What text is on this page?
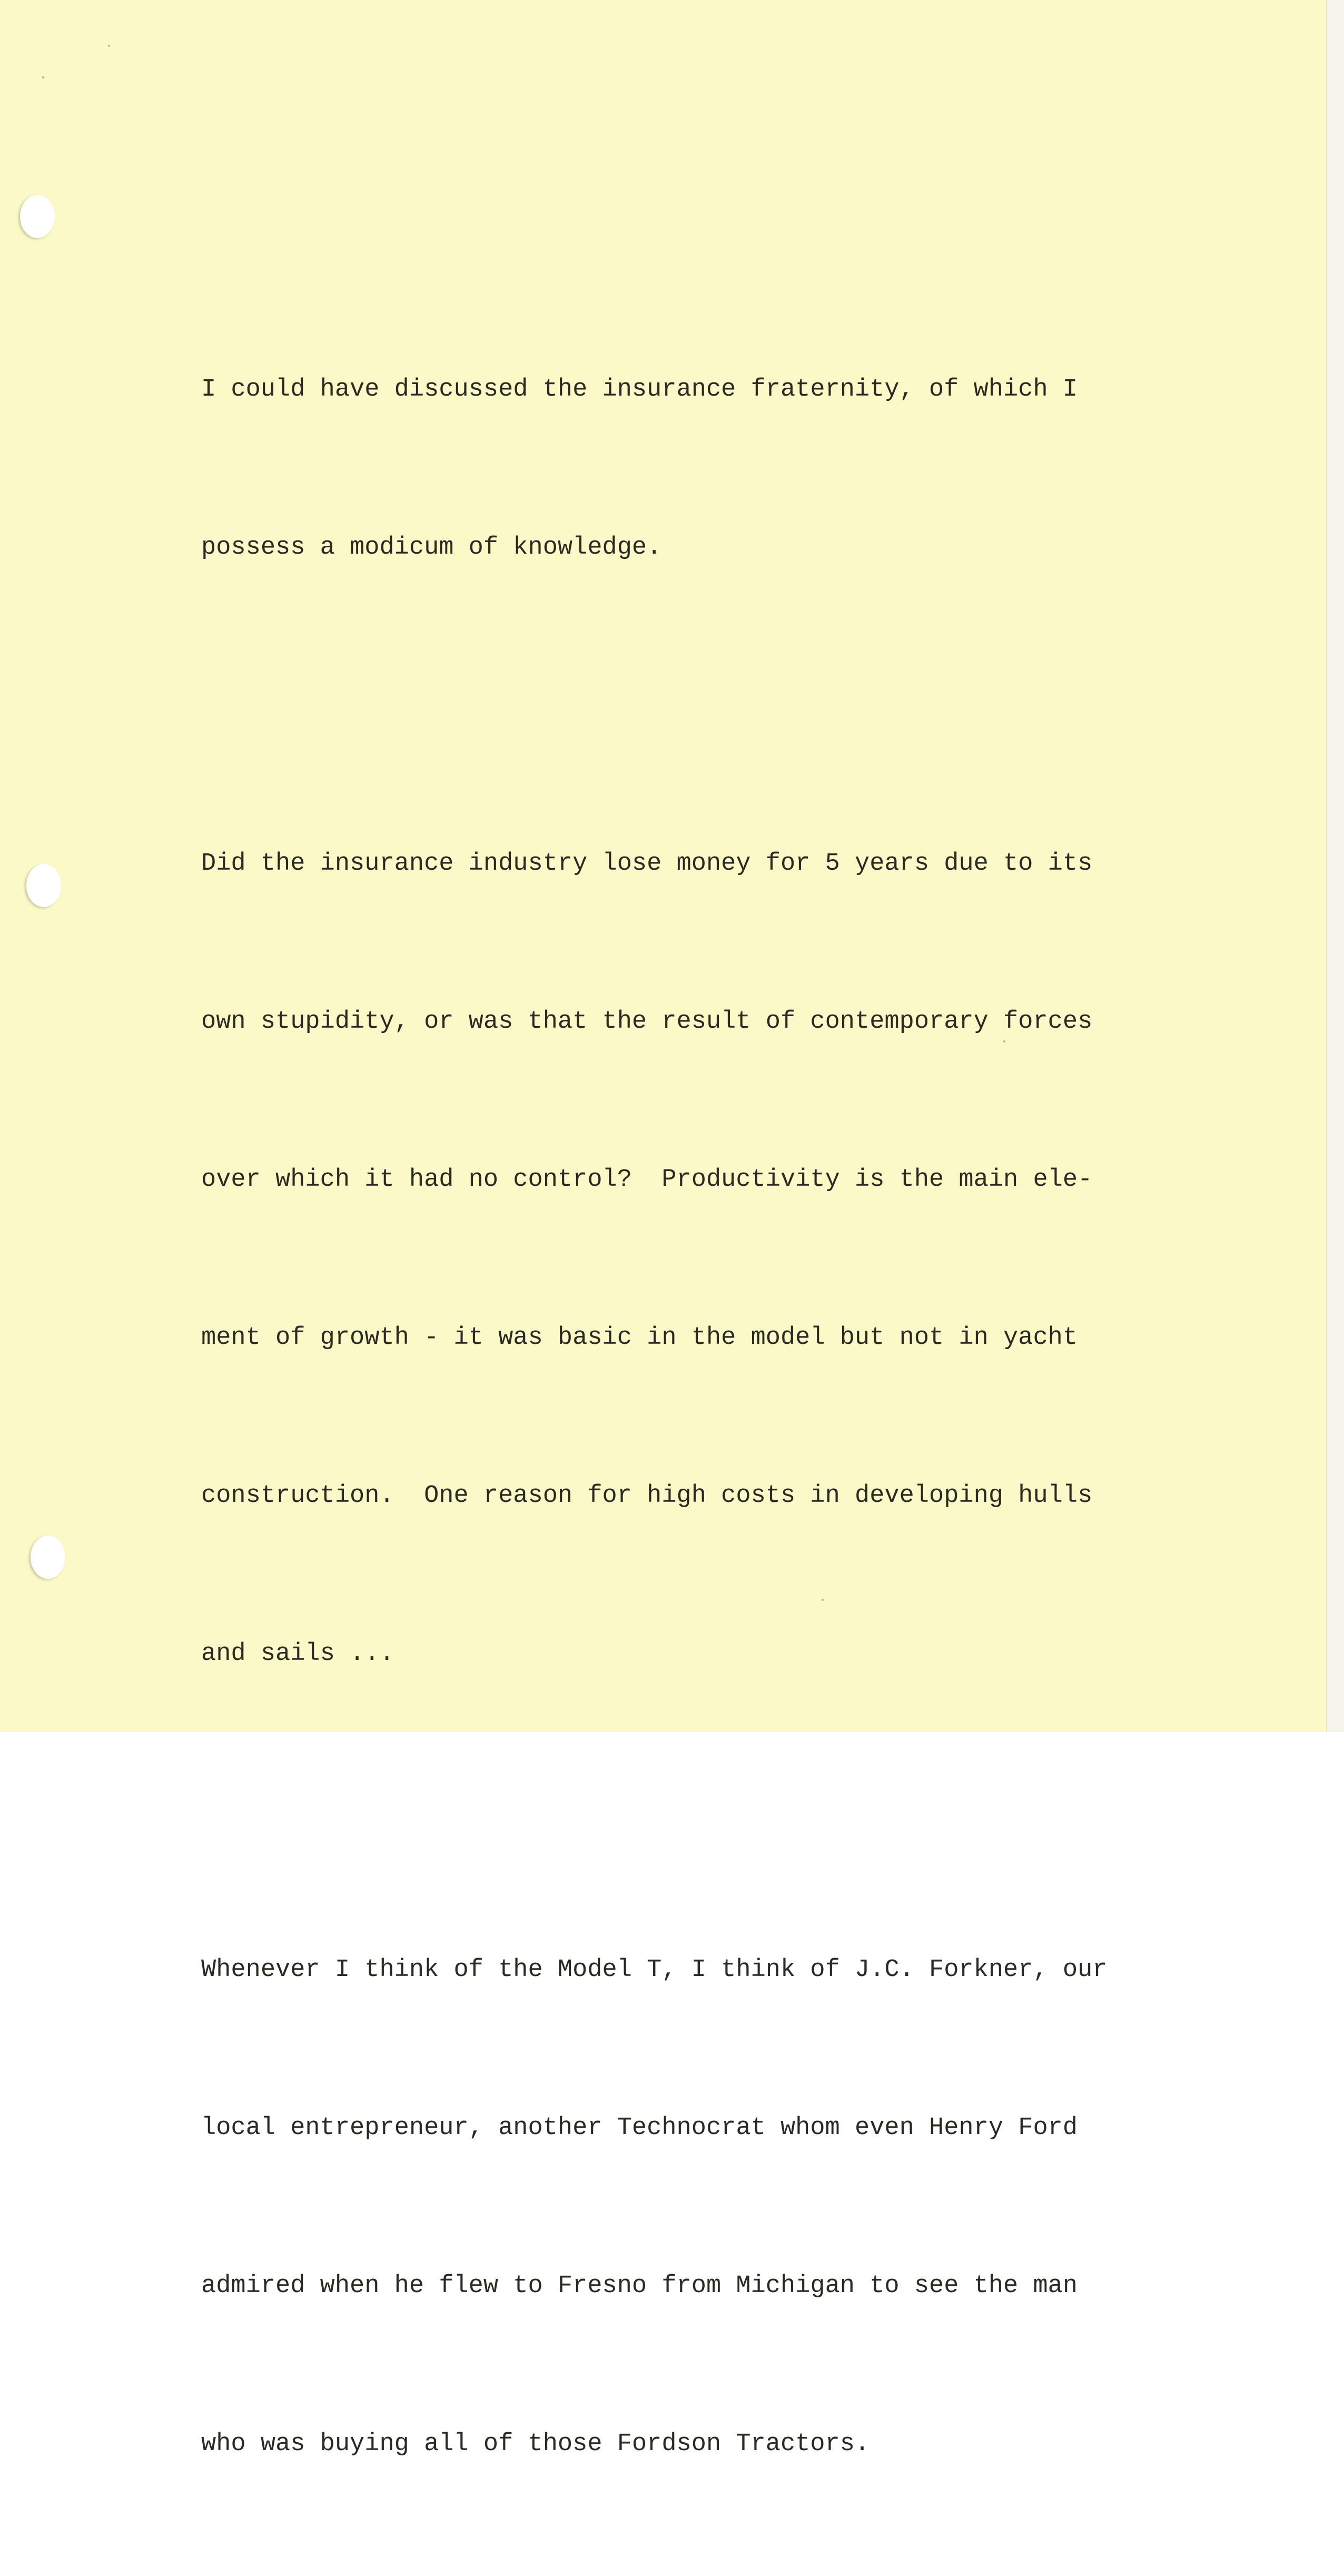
I could have discussed the insurance fraternity, of which I

possess a modicum of knowledge.

Did the insurance industry lose money for 5 years due to its

own stupidity, or was that the result of contemporary forces

over which it had no control?  Productivity is the main ele-

ment of growth - it was basic in the model but not in yacht

construction.  One reason for high costs in developing hulls

and sails ...

Whenever I think of the Model T, I think of J.C. Forkner, our

local entrepreneur, another Technocrat whom even Henry Ford

admired when he flew to Fresno from Michigan to see the man

who was buying all of those Fordson Tractors.
